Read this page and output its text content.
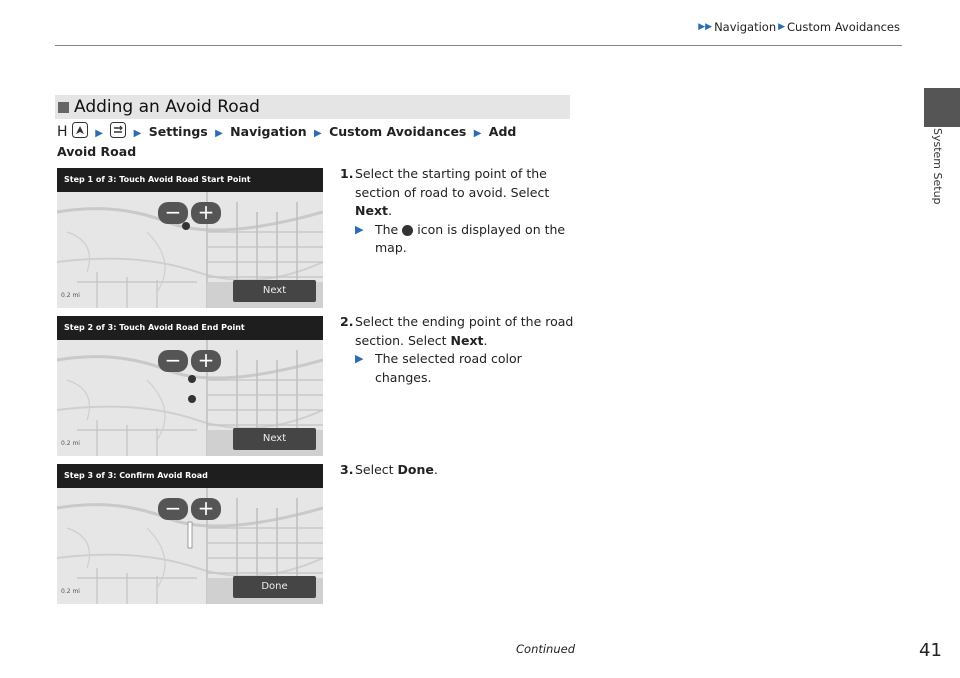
▶▶ Navigation ▶ Custom Avoidances
System Setup
Adding an Avoid Road
H	▶	▶ Settings ▶ Navigation ▶ Custom Avoidances ▶ Add Avoid Road
Step 1 of 3: Touch Avoid Road Start Point
− +
0.2 mi	Next
Step 2 of 3: Touch Avoid Road End Point
− +
0.2 mi	Next
Step 3 of 3: Confirm Avoid Road
− +
0.2 mi	Done
1. Select the starting point of the section of road to avoid. Select Next.
▶ The icon is displayed on the map.
2. Select the ending point of the road section. Select Next.
▶ The selected road color changes.
3. Select Done.
Continued	41
